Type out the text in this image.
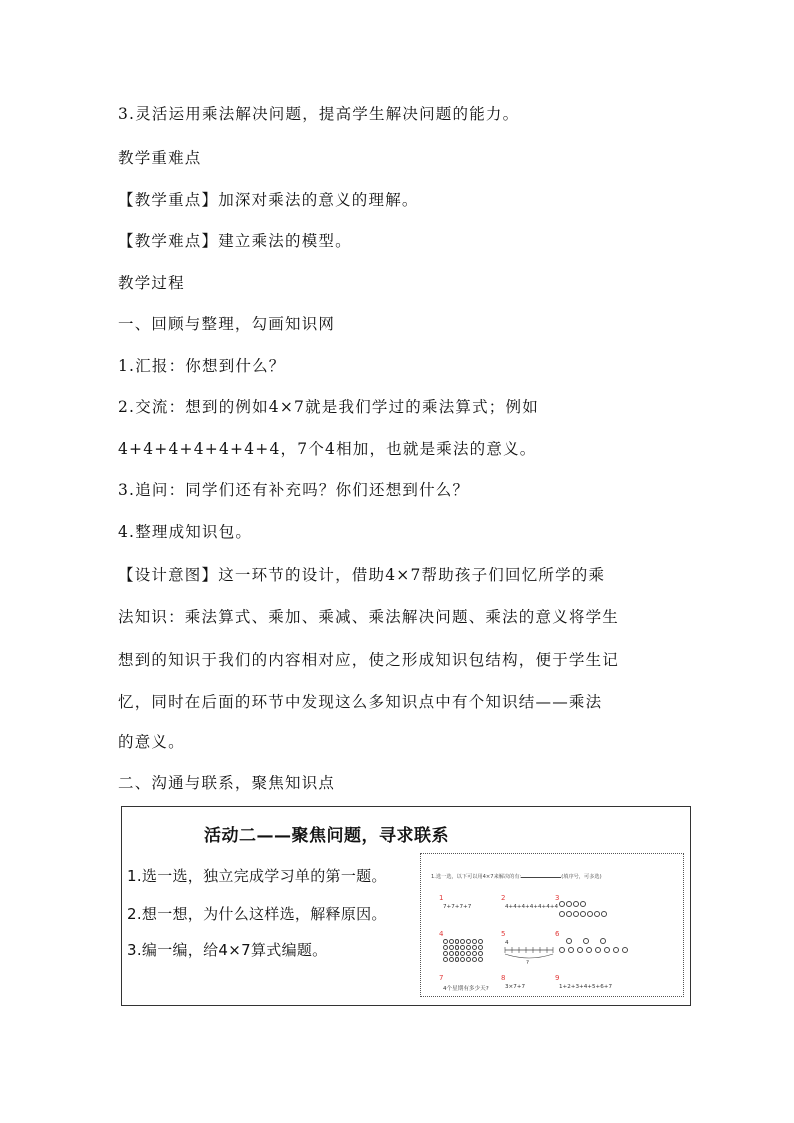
3.灵活运用乘法解决问题，提高学生解决问题的能力。
教学重难点
【教学重点】加深对乘法的意义的理解。
【教学难点】建立乘法的模型。
教学过程
一、回顾与整理，勾画知识网
1.汇报：你想到什么？
2.交流：想到的例如4×7就是我们学过的乘法算式；例如
4+4+4+4+4+4+4，7个4相加，也就是乘法的意义。
3.追问：同学们还有补充吗？你们还想到什么？
4.整理成知识包。
【设计意图】这一环节的设计，借助4×7帮助孩子们回忆所学的乘
法知识：乘法算式、乘加、乘减、乘法解决问题、乘法的意义将学生
想到的知识于我们的内容相对应，使之形成知识包结构，便于学生记
忆，同时在后面的环节中发现这么多知识点中有个知识结——乘法
的意义。
二、沟通与联系，聚焦知识点
活动二——聚焦问题，寻求联系
1.选一选，独立完成学习单的第一题。
2.想一想，为什么这样选，解释原因。
3.编一编，给4×7算式编题。
1.选一选，以下可以用4×7来解决的有:	(填序号，可多选)
1
7+7+7+7
2
4+4+4+4+4+4+4
3
4	5
4
?
6
7
4个星期有多少天?
8
3×7+7
9
1+2+3+4+5+6+7
